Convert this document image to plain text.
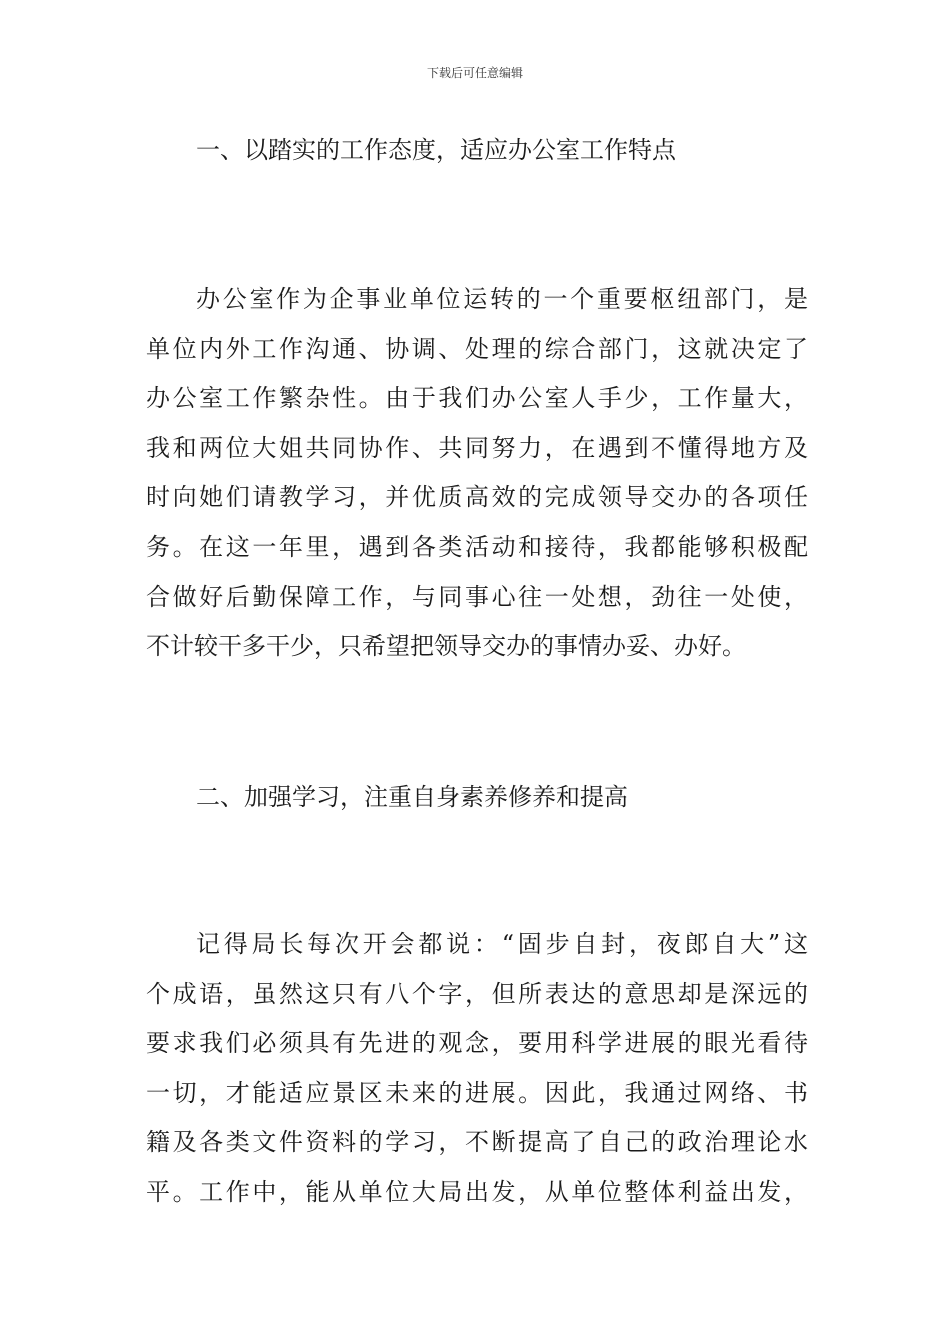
下载后可任意编辑
一、以踏实的工作态度，适应办公室工作特点
办公室作为企事业单位运转的一个重要枢纽部门，是
单位内外工作沟通、协调、处理的综合部门，这就决定了
办公室工作繁杂性。由于我们办公室人手少，工作量大，
我和两位大姐共同协作、共同努力，在遇到不懂得地方及
时向她们请教学习，并优质高效的完成领导交办的各项任
务。在这一年里，遇到各类活动和接待，我都能够积极配
合做好后勤保障工作，与同事心往一处想，劲往一处使，
不计较干多干少，只希望把领导交办的事情办妥、办好。
二、加强学习，注重自身素养修养和提高
记得局长每次开会都说：“固步自封，夜郎自大”这
个成语，虽然这只有八个字，但所表达的意思却是深远的
要求我们必须具有先进的观念，要用科学进展的眼光看待
一切，才能适应景区未来的进展。因此，我通过网络、书
籍及各类文件资料的学习，不断提高了自己的政治理论水
平。工作中，能从单位大局出发，从单位整体利益出发，
